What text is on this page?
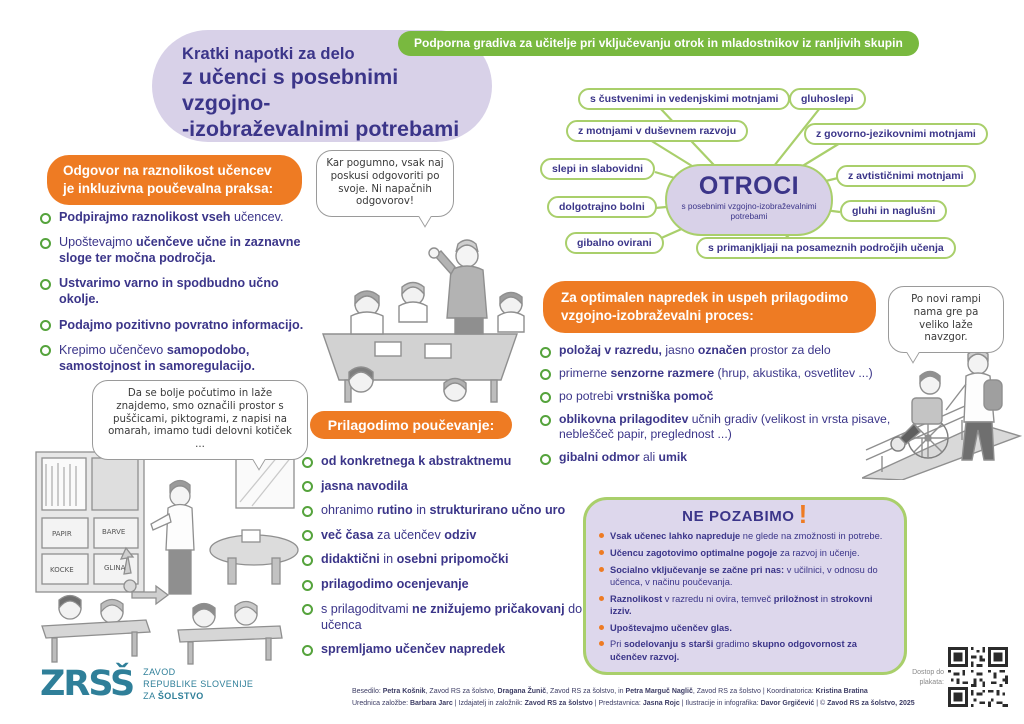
Kratki napotki za delo
z učenci s posebnimi vzgojno-
-izobraževalnimi potrebami
Podporna gradiva za učitelje pri vključevanju otrok in mladostnikov iz ranljivih skupin
OTROCI
s posebnimi vzgojno-izobraževalnimi potrebami
s čustvenimi in vedenjskimi motnjami	gluhoslepi
z motnjami v duševnem razvoju	z govorno-jezikovnimi motnjami
slepi in slabovidni
z avtističnimi motnjami
dolgotrajno bolni	gluhi in naglušni
gibalno ovirani	s primanjkljaji na posameznih področjih učenja
Odgovor na raznolikost učencev je inkluzivna poučevalna praksa:
Podpirajmo raznolikost vseh učencev.
Upoštevajmo učenčeve učne in zaznavne sloge ter močna področja.
Ustvarimo varno in spodbudno učno okolje.
Podajmo pozitivno povratno informacijo.
Krepimo učenčevo samopodobo, samostojnost in samoregulacijo.
Kar pogumno, vsak naj poskusi odgovoriti po svoje. Ni napačnih odgovorov!
Prilagodimo poučevanje:
od konkretnega k abstraktnemu
jasna navodila
ohranimo rutino in strukturirano učno uro
več časa za učenčev odziv
didaktični in osebni pripomočki
prilagodimo ocenjevanje
s prilagoditvami ne znižujemo pričakovanj do učenca
spremljamo učenčev napredek
Za optimalen napredek in uspeh prilagodimo vzgojno-izobraževalni proces:
položaj v razredu, jasno označen prostor za delo
primerne senzorne razmere (hrup, akustika, osvetlitev ...)
po potrebi vrstniška pomoč
oblikovna prilagoditev učnih gradiv (velikost in vrsta pisave, nebleščeč papir, preglednost ...)
gibalni odmor ali umik
NE POZABIMO !
Vsak učenec lahko napreduje ne glede na zmožnosti in potrebe.
Učencu zagotovimo optimalne pogoje za razvoj in učenje.
Socialno vključevanje se začne pri nas: v učilnici, v odnosu do učenca, v načinu poučevanja.
Raznolikost v razredu ni ovira, temveč priložnost in strokovni izziv.
Upoštevajmo učenčev glas.
Pri sodelovanju s starši gradimo skupno odgovornost za učenčev razvoj.
Da se bolje počutimo in laže znajdemo, smo označili prostor s puščicami, piktogrami, z napisi na omarah, imamo tudi delovni kotiček ...
PAPIR
KOCKE
BARVE
GLINA
Po novi rampi nama gre pa veliko laže navzgor.
ZRSŠ ZAVOD
REPUBLIKE SLOVENIJE
ZA ŠOLSTVO	Besedilo: Petra Košnik, Zavod RS za šolstvo, Dragana Žunič, Zavod RS za šolstvo, in Petra Marguč Naglič, Zavod RS za šolstvo | Koordinatorica: Kristina Bratina
Urednica založbe: Barbara Jarc | Izdajatelj in založnik: Zavod RS za šolstvo | Predstavnica: Jasna Rojc | Ilustracije in infografika: Davor Grgičević | © Zavod RS za šolstvo, 2025
Dostop do plakata:
